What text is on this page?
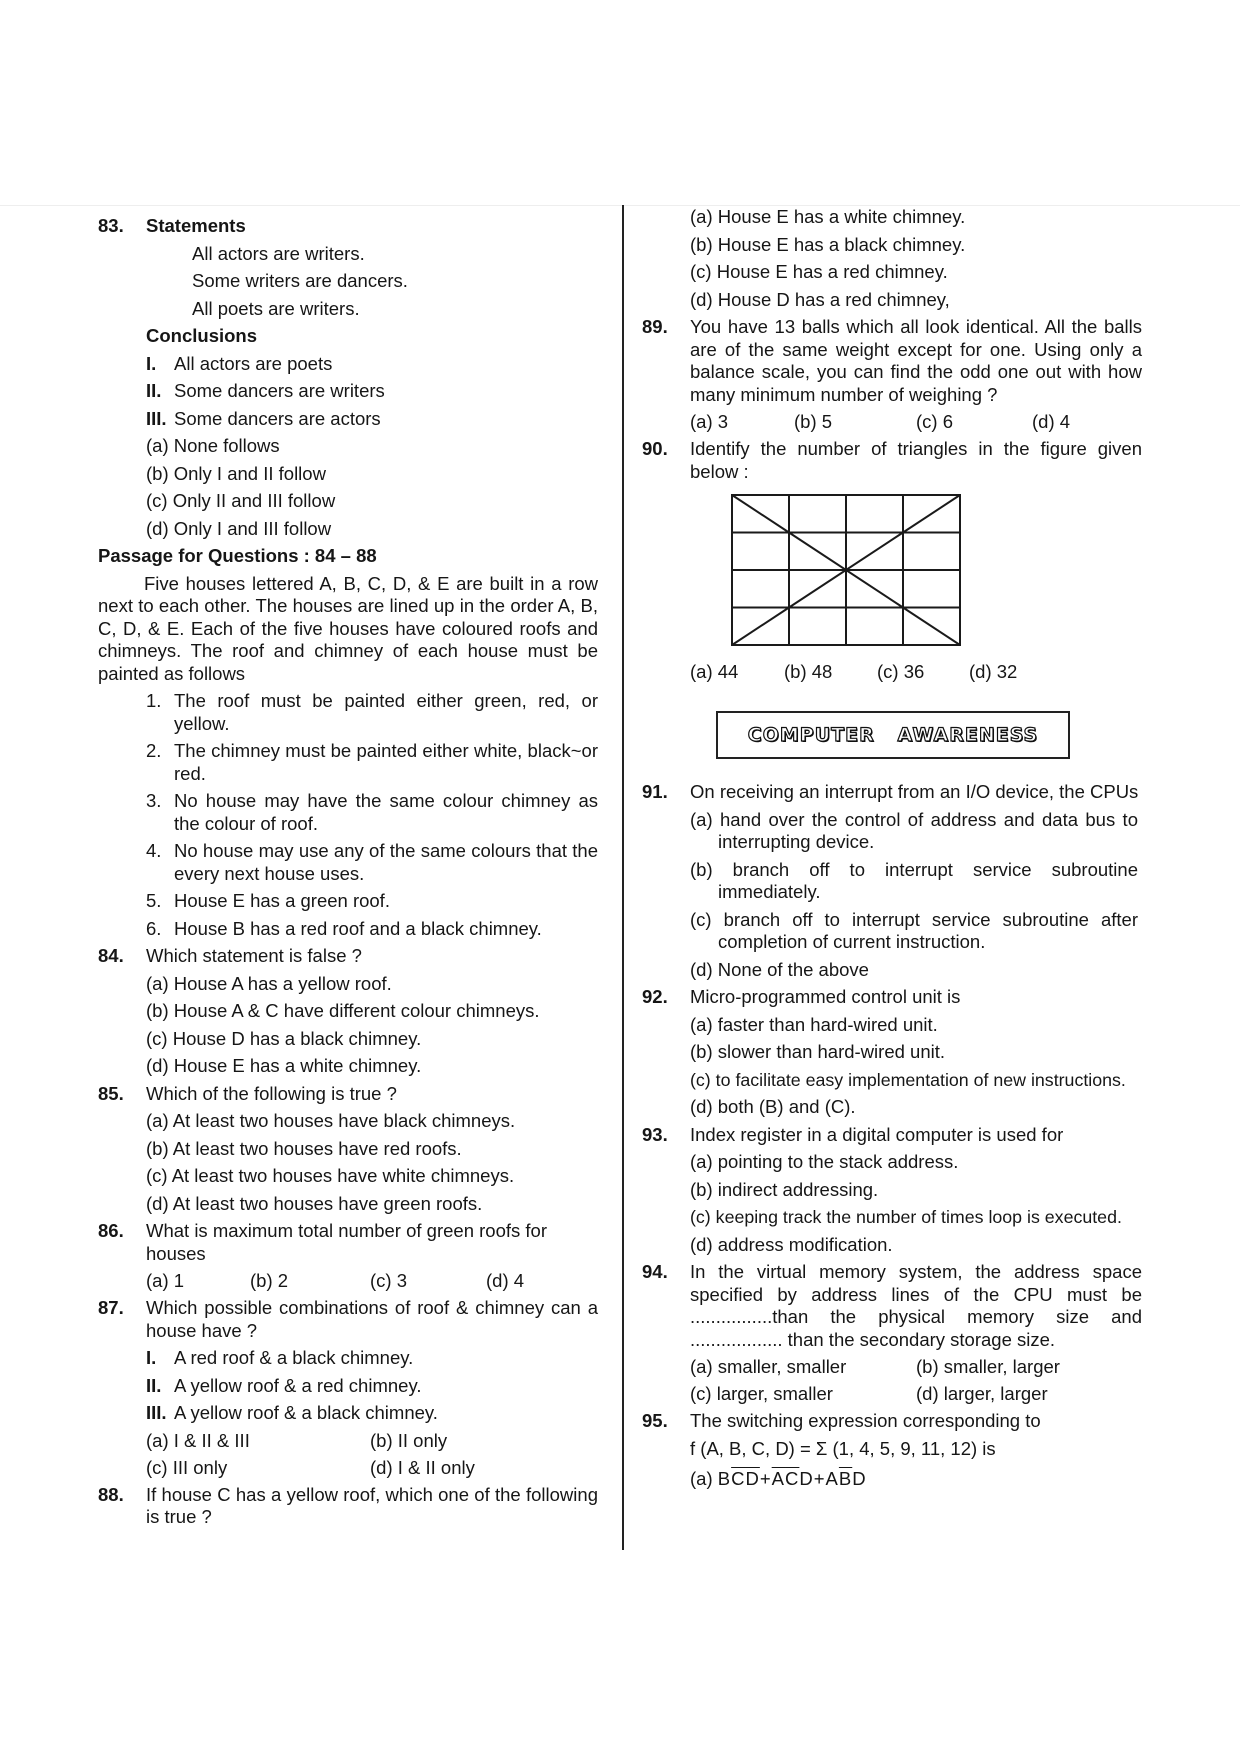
83. Statements

All actors are writers.

Some writers are dancers.

All poets are writers.

Conclusions

I. All actors are poets

II. Some dancers are writers

III. Some dancers are actors

(a) None follows

(b) Only I and II follow

(c) Only II and III follow

(d) Only I and III follow

Passage for Questions : 84 – 88

Five houses lettered A, B, C, D, & E are built in a row next to each other. The houses are lined up in the order A, B, C, D, & E. Each of the five houses have coloured roofs and chimneys. The roof and chimney of each house must be painted as follows

1. The roof must be painted either green, red, or yellow.

2. The chimney must be painted either white, black~or red.

3. No house may have the same colour chimney as the colour of roof.

4. No house may use any of the same colours that the every next house uses.

5. House E has a green roof.

6. House B has a red roof and a black chimney.

84. Which statement is false ?

(a) House A has a yellow roof.

(b) House A & C have different colour chimneys.

(c) House D has a black chimney.

(d) House E has a white chimney.

85. Which of the following is true ?

(a) At least two houses have black chimneys.

(b) At least two houses have red roofs.

(c) At least two houses have white chimneys.

(d) At least two houses have green roofs.

86. What is maximum total number of green roofs for houses

(a) 1	(b) 2	(c) 3	(d) 4
87. Which possible combinations of roof & chimney can a house have ?

I. A red roof & a black chimney.

II. A yellow roof & a red chimney.

III. A yellow roof & a black chimney.

(a) I & II & III	(b) II only
(c) III only	(d) I & II only
88. If house C has a yellow roof, which one of the following is true ?

(a) House E has a white chimney.

(b) House E has a black chimney.

(c) House E has a red chimney.

(d) House D has a red chimney,

89. You have 13 balls which all look identical. All the balls are of the same weight except for one. Using only a balance scale, you can find the odd one out with how many minimum number of weighing ?

(a) 3	(b) 5	(c) 6	(d) 4
90. Identify the number of triangles in the figure given below :

(a) 44	(b) 48	(c) 36	(d) 32
COMPUTER   AWARENESS
91. On receiving an interrupt from an I/O device, the CPUs

(a) hand over the control of address and data bus to interrupting device.

(b) branch off to interrupt service subroutine immediately.

(c) branch off to interrupt service subroutine after completion of current instruction.

(d) None of the above

92. Micro-programmed control unit is

(a) faster than hard-wired unit.

(b) slower than hard-wired unit.

(c) to facilitate easy implementation of new instructions.

(d) both (B) and (C).

93. Index register in a digital computer is used for

(a) pointing to the stack address.

(b) indirect addressing.

(c) keeping track the number of times loop is executed.

(d) address modification.

94. In the virtual memory system, the address space specified by address lines of the CPU must be ................than the physical memory size and .................. than the secondary storage size.

(a) smaller, smaller	(b) smaller, larger
(c) larger, smaller	(d) larger, larger
95. The switching expression corresponding to

f (A, B, C, D) = Σ (1, 4, 5, 9, 11, 12) is

(a) $B\overline{C}\overline{D}+\overline{A}\overline{C}D+A\overline{B}D$
